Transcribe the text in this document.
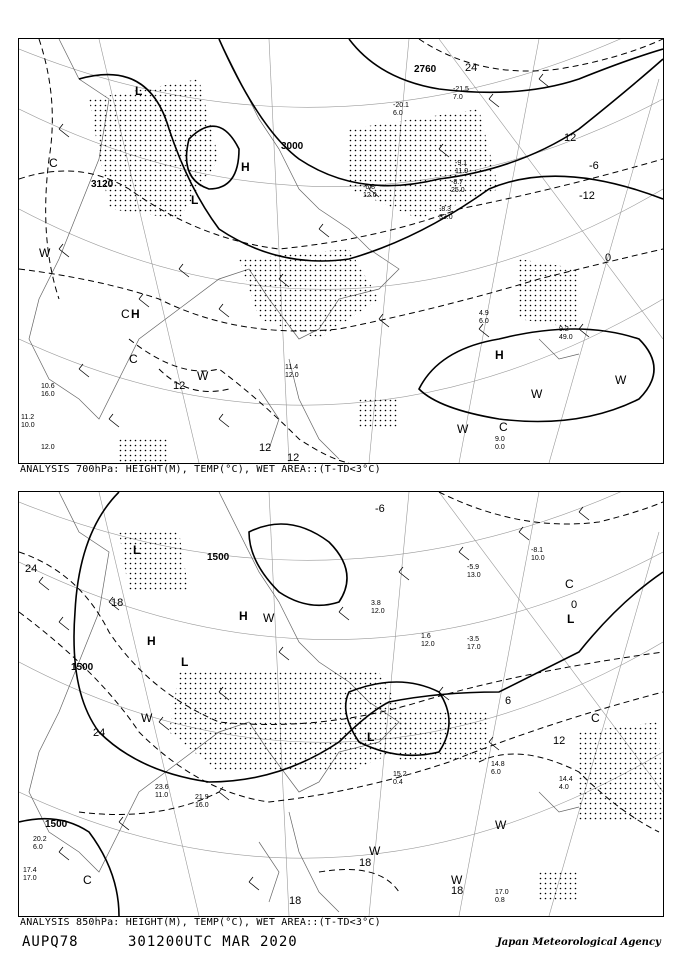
3000
3120
2760	24
12
0
-6
-12
12
12
12
L
L
H
H
H
C
C
C
C
W
W
W
W
W
4.9
6.0
9.2
49.0
11.4
12.0
10.6
16.0
11.2
10.0
9.0
0.0
12.0
-6.8
12.0
-8.7
25.0
-9.1
11.0
-8.3
33.0
-20.1
6.0
-21.5
7.0
ANALYSIS 700hPa: HEIGHT(M), TEMP(°C), WET AREA::(T-TD<3°C)
1500
1500
1500
24
18
24
12
6
0
18
18
18
-6
L
L
L
L
H
H
C
C
C
W
W
W
W
W
14.8
6.0
14.4
4.0
17.0
0.8
15.2
0.4
21.9
16.0
23.6
11.0
20.2
6.0
17.4
17.0
3.8
12.0
1.6
12.0
-5.9
13.0
-8.1
10.0
-3.5
17.0
ANALYSIS 850hPa: HEIGHT(M), TEMP(°C), WET AREA::(T-TD<3°C)
AUPQ78	301200UTC MAR 2020	Japan Meteorological Agency
